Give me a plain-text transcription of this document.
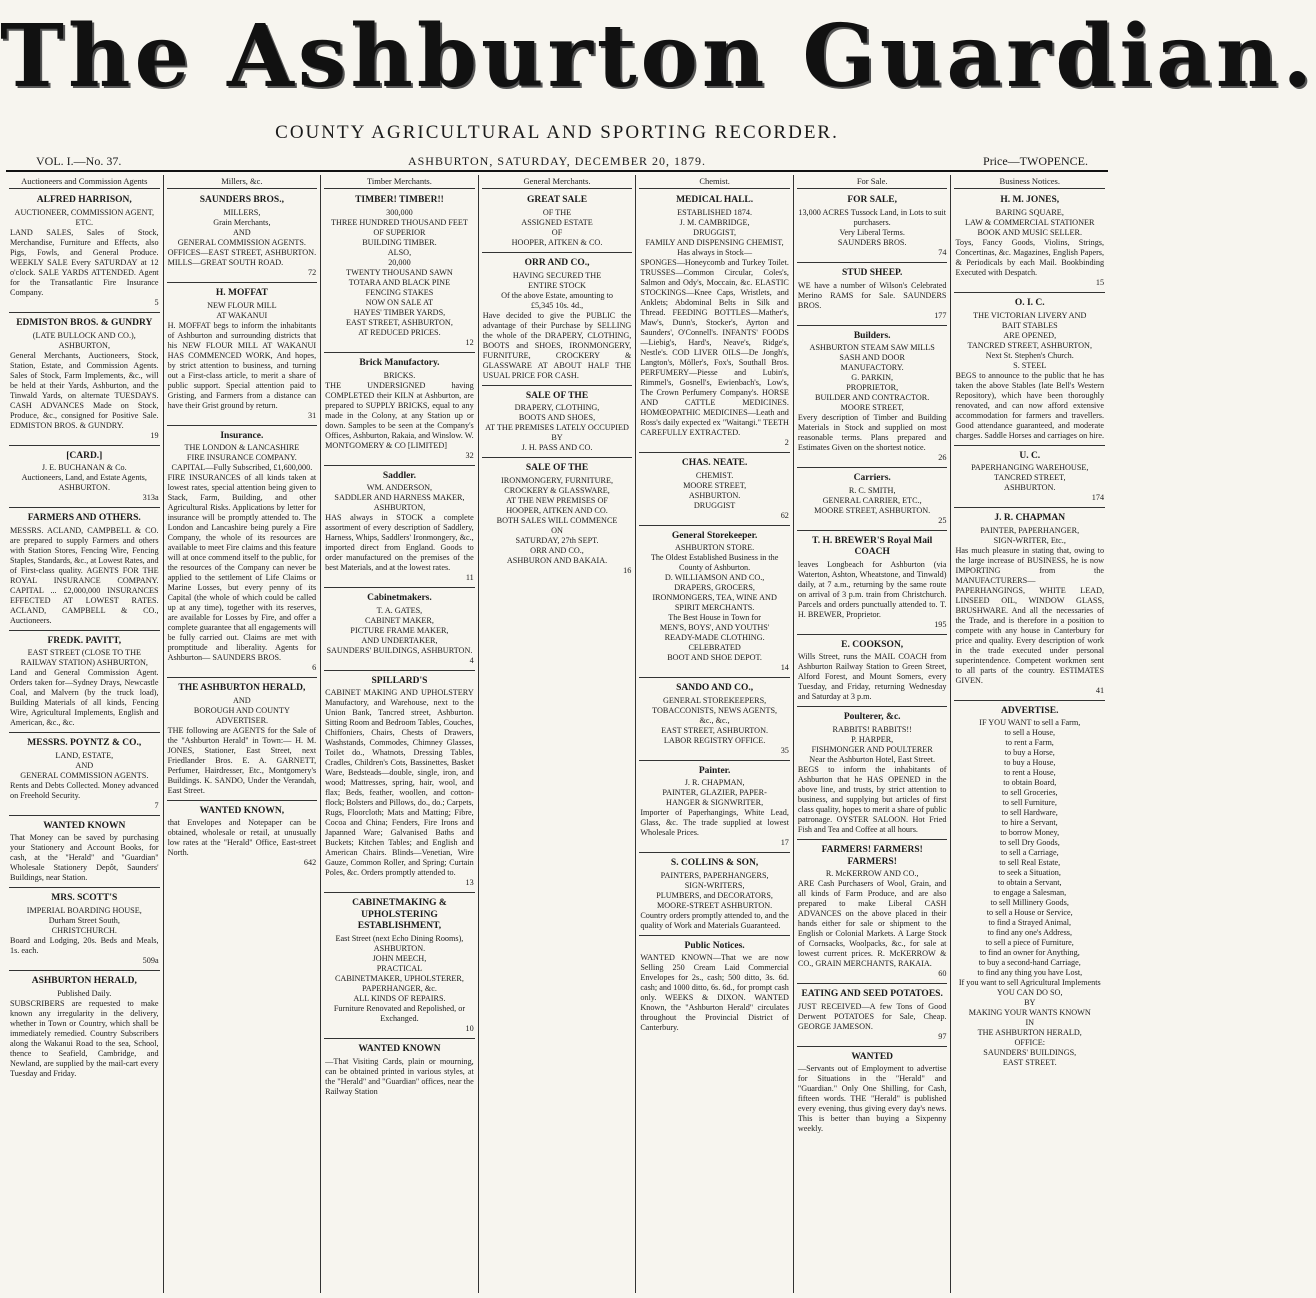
The Ashburton Guardian.
COUNTY AGRICULTURAL AND SPORTING RECORDER.
VOL. I.—No. 37.	ASHBURTON, SATURDAY, DECEMBER 20, 1879.	Price—TWOPENCE.
Auctioneers and Commission Agents
ALFRED HARRISON,
AUCTIONEER, COMMISSION AGENT, ETC.
LAND SALES, Sales of Stock, Merchandise, Furniture and Effects, also Pigs, Fowls, and General Produce. WEEKLY SALE Every SATURDAY at 12 o'clock. SALE YARDS ATTENDED. Agent for the Transatlantic Fire Insurance Company.
5
EDMISTON BROS. & GUNDRY
(LATE BULLOCK AND CO.),
ASHBURTON,
General Merchants, Auctioneers, Stock, Station, Estate, and Commission Agents. Sales of Stock, Farm Implements, &c., will be held at their Yards, Ashburton, and the Tinwald Yards, on alternate TUESDAYS. CASH ADVANCES Made on Stock, Produce, &c., consigned for Positive Sale. EDMISTON BROS. & GUNDRY.
19
[CARD.]
J. E. BUCHANAN & Co.
Auctioneers, Land, and Estate Agents,
ASHBURTON.
313a
FARMERS AND OTHERS.
MESSRS. ACLAND, CAMPBELL & CO. are prepared to supply Farmers and others with Station Stores, Fencing Wire, Fencing Staples, Standards, &c., at Lowest Rates, and of First-class quality. AGENTS FOR THE ROYAL INSURANCE COMPANY. CAPITAL ... £2,000,000 INSURANCES EFFECTED AT LOWEST RATES. ACLAND, CAMPBELL & CO., Auctioneers.
FREDK. PAVITT,
EAST STREET (CLOSE TO THE RAILWAY STATION) ASHBURTON,
Land and General Commission Agent. Orders taken for—Sydney Drays, Newcastle Coal, and Malvern (by the truck load), Building Materials of all kinds, Fencing Wire, Agricultural Implements, English and American, &c., &c.
MESSRS. POYNTZ & CO.,
LAND, ESTATE,
AND
GENERAL COMMISSION AGENTS.
Rents and Debts Collected. Money advanced on Freehold Security.
7
WANTED KNOWN
That Money can be saved by purchasing your Stationery and Account Books, for cash, at the "Herald" and "Guardian" Wholesale Stationery Depôt, Saunders' Buildings, near Station.
MRS. SCOTT'S
IMPERIAL BOARDING HOUSE,
Durham Street South,
CHRISTCHURCH.
Board and Lodging, 20s. Beds and Meals, 1s. each.
509a
ASHBURTON HERALD,
Published Daily.
SUBSCRIBERS are requested to make known any irregularity in the delivery, whether in Town or Country, which shall be immediately remedied. Country Subscribers along the Wakanui Road to the sea, School, thence to Seafield, Cambridge, and Newland, are supplied by the mail-cart every Tuesday and Friday.
Millers, &c.
SAUNDERS BROS.,
MILLERS,
Grain Merchants,
AND
GENERAL COMMISSION AGENTS.
OFFICES—EAST STREET, ASHBURTON. MILLS—GREAT SOUTH ROAD.
72
H. MOFFAT
NEW FLOUR MILL
AT WAKANUI
H. MOFFAT begs to inform the inhabitants of Ashburton and surrounding districts that his NEW FLOUR MILL AT WAKANUI HAS COMMENCED WORK, And hopes, by strict attention to business, and turning out a First-class article, to merit a share of public support. Special attention paid to Gristing, and Farmers from a distance can have their Grist ground by return.
31
Insurance.
THE LONDON & LANCASHIRE
FIRE INSURANCE COMPANY.
CAPITAL—Fully Subscribed, £1,600,000.
FIRE INSURANCES of all kinds taken at lowest rates, special attention being given to Stack, Farm, Building, and other Agricultural Risks. Applications by letter for insurance will be promptly attended to. The London and Lancashire being purely a Fire Company, the whole of its resources are available to meet Fire claims and this feature will at once commend itself to the public, for the resources of the Company can never be applied to the settlement of Life Claims or Marine Losses, but every penny of its Capital (the whole of which could be called up at any time), together with its reserves, are available for Losses by Fire, and offer a complete guarantee that all engagements will be fully carried out. Claims are met with promptitude and liberality. Agents for Ashburton— SAUNDERS BROS.
6
THE ASHBURTON HERALD,
AND
BOROUGH AND COUNTY ADVERTISER.
THE following are AGENTS for the Sale of the "Ashburton Herald" in Town:— H. M. JONES, Stationer, East Street, next Friedlander Bros. E. A. GARNETT, Perfumer, Hairdresser, Etc., Montgomery's Buildings. K. SANDO, Under the Verandah, East Street.
WANTED KNOWN,
that Envelopes and Notepaper can be obtained, wholesale or retail, at unusually low rates at the "Herald" Office, East-street North.
642
Timber Merchants.
TIMBER! TIMBER!!
300,000
THREE HUNDRED THOUSAND FEET
OF SUPERIOR
BUILDING TIMBER.
ALSO,
20,000
TWENTY THOUSAND SAWN
TOTARA AND BLACK PINE
FENCING STAKES
NOW ON SALE AT
HAYES' TIMBER YARDS,
EAST STREET, ASHBURTON,
AT REDUCED PRICES.
12
Brick Manufactory.
BRICKS.
THE UNDERSIGNED having COMPLETED their KILN at Ashburton, are prepared to SUPPLY BRICKS, equal to any made in the Colony, at any Station up or down. Samples to be seen at the Company's Offices, Ashburton, Rakaia, and Winslow. W. MONTGOMERY & CO [LIMITED]
32
Saddler.
WM. ANDERSON,
SADDLER AND HARNESS MAKER,
ASHBURTON,
HAS always in STOCK a complete assortment of every description of Saddlery, Harness, Whips, Saddlers' Ironmongery, &c., imported direct from England. Goods to order manufactured on the premises of the best Materials, and at the lowest rates.
11
Cabinetmakers.
T. A. GATES,
CABINET MAKER,
PICTURE FRAME MAKER,
AND UNDERTAKER,
SAUNDERS' BUILDINGS, ASHBURTON.
4
SPILLARD'S
CABINET MAKING AND UPHOLSTERY Manufactory, and Warehouse, next to the Union Bank, Tancred street, Ashburton. Sitting Room and Bedroom Tables, Couches, Chiffoniers, Chairs, Chests of Drawers, Washstands, Commodes, Chimney Glasses, Toilet do., Whatnots, Dressing Tables, Cradles, Children's Cots, Bassinettes, Basket Ware, Bedsteads—double, single, iron, and wood; Mattresses, spring, hair, wool, and flax; Beds, feather, woollen, and cotton-flock; Bolsters and Pillows, do., do.; Carpets, Rugs, Floorcloth; Mats and Matting; Fibre, Cocoa and China; Fenders, Fire Irons and Japanned Ware; Galvanised Baths and Buckets; Kitchen Tables; and English and American Chairs. Blinds—Venetian, Wire Gauze, Common Roller, and Spring; Curtain Poles, &c. Orders promptly attended to.
13
CABINETMAKING & UPHOLSTERING ESTABLISHMENT,
East Street (next Echo Dining Rooms), ASHBURTON.
JOHN MEECH,
PRACTICAL
CABINETMAKER, UPHOLSTERER,
PAPERHANGER, &c.
ALL KINDS OF REPAIRS.
Furniture Renovated and Repolished, or Exchanged.
10
WANTED KNOWN
—That Visiting Cards, plain or mourning, can be obtained printed in various styles, at the "Herald" and "Guardian" offices, near the Railway Station
General Merchants.
GREAT SALE
OF THE
ASSIGNED ESTATE
OF
HOOPER, AITKEN & CO.
ORR AND CO.,
HAVING SECURED THE
ENTIRE STOCK
Of the above Estate, amounting to
£5,345 10s. 4d.,
Have decided to give the PUBLIC the advantage of their Purchase by SELLING the whole of the DRAPERY, CLOTHING, BOOTS and SHOES, IRONMONGERY, FURNITURE, CROCKERY & GLASSWARE AT ABOUT HALF THE USUAL PRICE FOR CASH.
SALE OF THE
DRAPERY, CLOTHING,
BOOTS AND SHOES,
AT THE PREMISES LATELY OCCUPIED BY
J. H. PASS AND CO.
SALE OF THE
IRONMONGERY, FURNITURE,
CROCKERY & GLASSWARE,
AT THE NEW PREMISES OF
HOOPER, AITKEN AND CO.
BOTH SALES WILL COMMENCE
ON
SATURDAY, 27th SEPT.
ORR AND CO.,
ASHBURON AND BAKAIA.
16
Chemist.
MEDICAL HALL.
ESTABLISHED 1874.
J. M. CAMBRIDGE,
DRUGGIST,
FAMILY AND DISPENSING CHEMIST,
Has always in Stock—
SPONGES—Honeycomb and Turkey Toilet. TRUSSES—Common Circular, Coles's, Salmon and Ody's, Moccain, &c. ELASTIC STOCKINGS—Knee Caps, Wristlets, and Anklets; Abdominal Belts in Silk and Thread. FEEDING BOTTLES—Mather's, Maw's, Dunn's, Stocker's, Ayrton and Saunders', O'Connell's. INFANTS' FOODS—Liebig's, Hard's, Neave's, Ridge's, Nestle's. COD LIVER OILS—De Jongh's, Langton's, Möller's, Fox's, Southall Bros. PERFUMERY—Piesse and Lubin's, Rimmel's, Gosnell's, Ewienbach's, Low's, The Crown Perfumery Company's. HORSE AND CATTLE MEDICINES. HOMŒOPATHIC MEDICINES—Leath and Ross's daily expected ex "Waitangi." TEETH CAREFULLY EXTRACTED.
2
CHAS. NEATE.
CHEMIST.
MOORE STREET,
ASHBURTON.
DRUGGIST
62
General Storekeeper.
ASHBURTON STORE.
The Oldest Established Business in the County of Ashburton.
D. WILLIAMSON AND CO.,
DRAPERS, GROCERS,
IRONMONGERS, TEA, WINE AND
SPIRIT MERCHANTS.
The Best House in Town for
MEN'S, BOYS', AND YOUTHS'
READY-MADE CLOTHING.
CELEBRATED
BOOT AND SHOE DEPOT.
14
SANDO AND CO.,
GENERAL STOREKEEPERS,
TOBACCONISTS, NEWS AGENTS,
&c., &c.,
EAST STREET, ASHBURTON.
LABOR REGISTRY OFFICE.
35
Painter.
J. R. CHAPMAN,
PAINTER, GLAZIER, PAPER-
HANGER & SIGNWRITER,
Importer of Paperhangings, White Lead, Glass, &c. The trade supplied at lowest Wholesale Prices.
17
S. COLLINS & SON,
PAINTERS, PAPERHANGERS,
SIGN-WRITERS,
PLUMBERS, and DECORATORS,
MOORE-STREET ASHBURTON.
Country orders promptly attended to, and the quality of Work and Materials Guaranteed.
Public Notices.
WANTED KNOWN—That we are now Selling 250 Cream Laid Commercial Envelopes for 2s., cash; 500 ditto, 3s. 6d. cash; and 1000 ditto, 6s. 6d., for prompt cash only. WEEKS & DIXON. WANTED Known, the "Ashburton Herald" circulates throughout the Provincial District of Canterbury.
For Sale.
FOR SALE,
13,000 ACRES Tussock Land, in Lots to suit purchasers.
Very Liberal Terms.
SAUNDERS BROS.
74
STUD SHEEP.
WE have a number of Wilson's Celebrated Merino RAMS for Sale. SAUNDERS BROS.
177
Builders.
ASHBURTON STEAM SAW MILLS
SASH AND DOOR
MANUFACTORY.
G. PARKIN,
PROPRIETOR,
BUILDER AND CONTRACTOR.
MOORE STREET,
Every description of Timber and Building Materials in Stock and supplied on most reasonable terms. Plans prepared and Estimates Given on the shortest notice.
26
Carriers.
R. C. SMITH,
GENERAL CARRIER, ETC.,
MOORE STREET, ASHBURTON.
25
T. H. BREWER'S Royal Mail COACH
leaves Longbeach for Ashburton (via Waterton, Ashton, Wheatstone, and Tinwald) daily, at 7 a.m., returning by the same route on arrival of 3 p.m. train from Christchurch. Parcels and orders punctually attended to. T. H. BREWER, Proprietor.
195
E. COOKSON,
Wills Street, runs the MAIL COACH from Ashburton Railway Station to Green Street, Alford Forest, and Mount Somers, every Tuesday, and Friday, returning Wednesday and Saturday at 3 p.m.
Poulterer, &c.
RABBITS! RABBITS!!
P. HARPER,
FISHMONGER AND POULTERER
Near the Ashburton Hotel, East Street.
BEGS to inform the inhabitants of Ashburton that he HAS OPENED in the above line, and trusts, by strict attention to business, and supplying but articles of first class quality, hopes to merit a share of public patronage. OYSTER SALOON. Hot Fried Fish and Tea and Coffee at all hours.
FARMERS! FARMERS! FARMERS!
R. McKERROW AND CO.,
ARE Cash Purchasers of Wool, Grain, and all kinds of Farm Produce, and are also prepared to make Liberal CASH ADVANCES on the above placed in their hands either for sale or shipment to the English or Colonial Markets. A Large Stock of Cornsacks, Woolpacks, &c., for sale at lowest current prices. R. McKERROW & CO., GRAIN MERCHANTS, RAKAIA.
60
EATING AND SEED POTATOES.
JUST RECEIVED—A few Tons of Good Derwent POTATOES for Sale, Cheap. GEORGE JAMESON.
97
WANTED
—Servants out of Employment to advertise for Situations in the "Herald" and "Guardian." Only One Shilling, for Cash, fifteen words. THE "Herald" is published every evening, thus giving every day's news. This is better than buying a Sixpenny weekly.
Business Notices.
H. M. JONES,
BARING SQUARE,
LAW & COMMERCIAL STATIONER
BOOK AND MUSIC SELLER.
Toys, Fancy Goods, Violins, Strings, Concertinas, &c. Magazines, English Papers, & Periodicals by each Mail. Bookbinding Executed with Despatch.
15
O. I. C.
THE VICTORIAN LIVERY AND
BAIT STABLES
ARE OPENED,
TANCRED STREET, ASHBURTON,
Next St. Stephen's Church.
S. STEEL
BEGS to announce to the public that he has taken the above Stables (late Bell's Western Repository), which have been thoroughly renovated, and can now afford extensive accommodation for farmers and travellers. Good attendance guaranteed, and moderate charges. Saddle Horses and carriages on hire.
U. C.
PAPERHANGING WAREHOUSE,
TANCRED STREET,
ASHBURTON.
174
J. R. CHAPMAN
PAINTER, PAPERHANGER,
SIGN-WRITER, Etc.,
Has much pleasure in stating that, owing to the large increase of BUSINESS, he is now IMPORTING from the MANUFACTURERS— PAPERHANGINGS, WHITE LEAD, LINSEED OIL, WINDOW GLASS, BRUSHWARE. And all the necessaries of the Trade, and is therefore in a position to compete with any house in Canterbury for price and quality. Every description of work in the trade executed under personal superintendence. Competent workmen sent to all parts of the country. ESTIMATES GIVEN.
41
ADVERTISE.
IF YOU WANT to sell a Farm,
to sell a House,
to rent a Farm,
to buy a Horse,
to buy a House,
to rent a House,
to obtain Board,
to sell Groceries,
to sell Furniture,
to sell Hardware,
to hire a Servant,
to borrow Money,
to sell Dry Goods,
to sell a Carriage,
to sell Real Estate,
to seek a Situation,
to obtain a Servant,
to engage a Salesman,
to sell Millinery Goods,
to sell a House or Service,
to find a Strayed Animal,
to find any one's Address,
to sell a piece of Furniture,
to find an owner for Anything,
to buy a second-hand Carriage,
to find any thing you have Lost,
If you want to sell Agricultural Implements
YOU CAN DO SO,
BY
MAKING YOUR WANTS KNOWN
IN
THE ASHBURTON HERALD,
OFFICE:
SAUNDERS' BUILDINGS,
EAST STREET.
